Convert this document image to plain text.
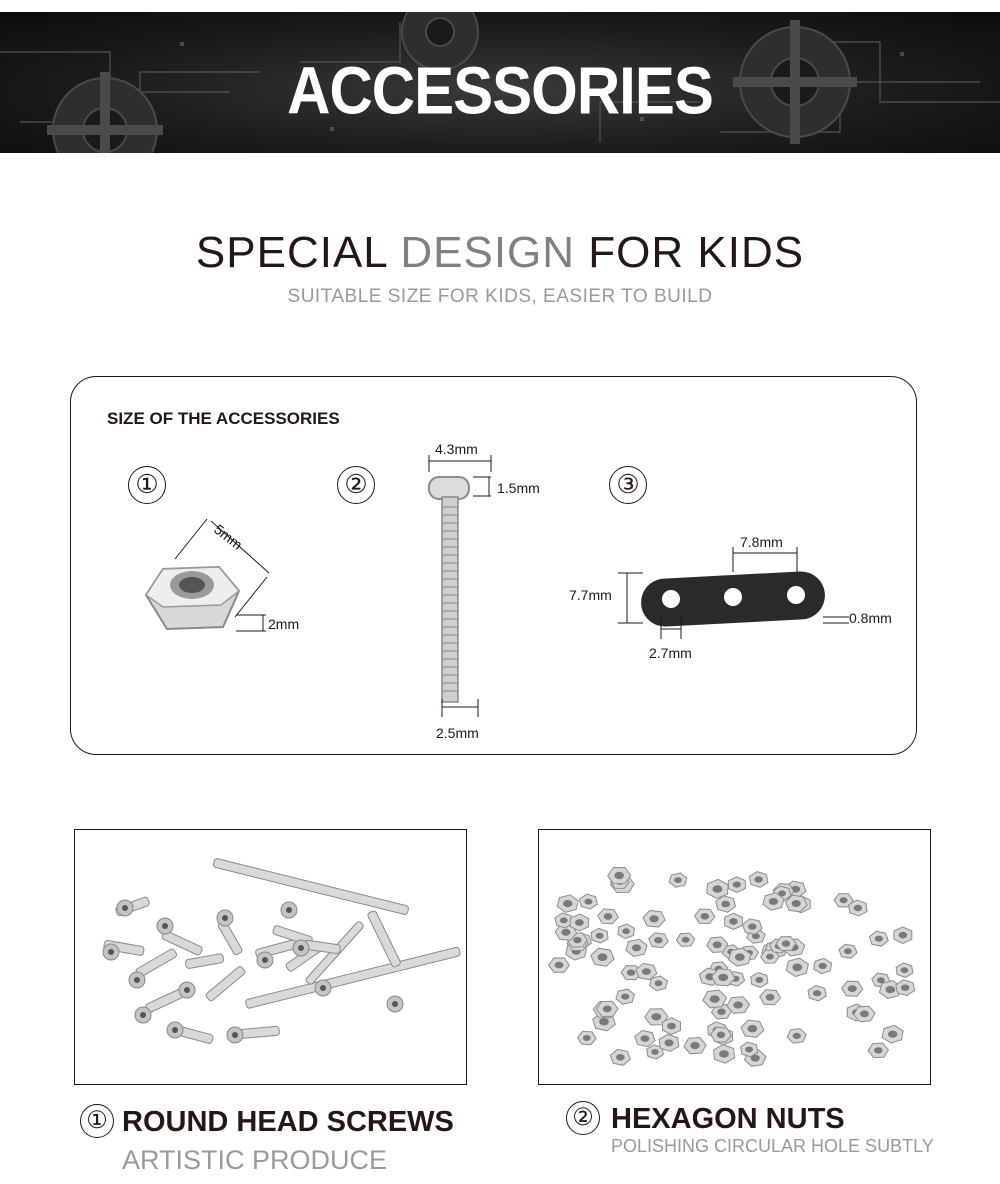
ACCESSORIES
SPECIAL DESIGN FOR KIDS
SUITABLE SIZE FOR KIDS, EASIER TO BUILD
SIZE OF THE ACCESSORIES
①	②	③
5mm
2mm
4.3mm
1.5mm
2.5mm
7.8mm
7.7mm
0.8mm
2.7mm
① ROUND HEAD SCREWS
ARTISTIC PRODUCE
② HEXAGON NUTS
POLISHING CIRCULAR HOLE SUBTLY
